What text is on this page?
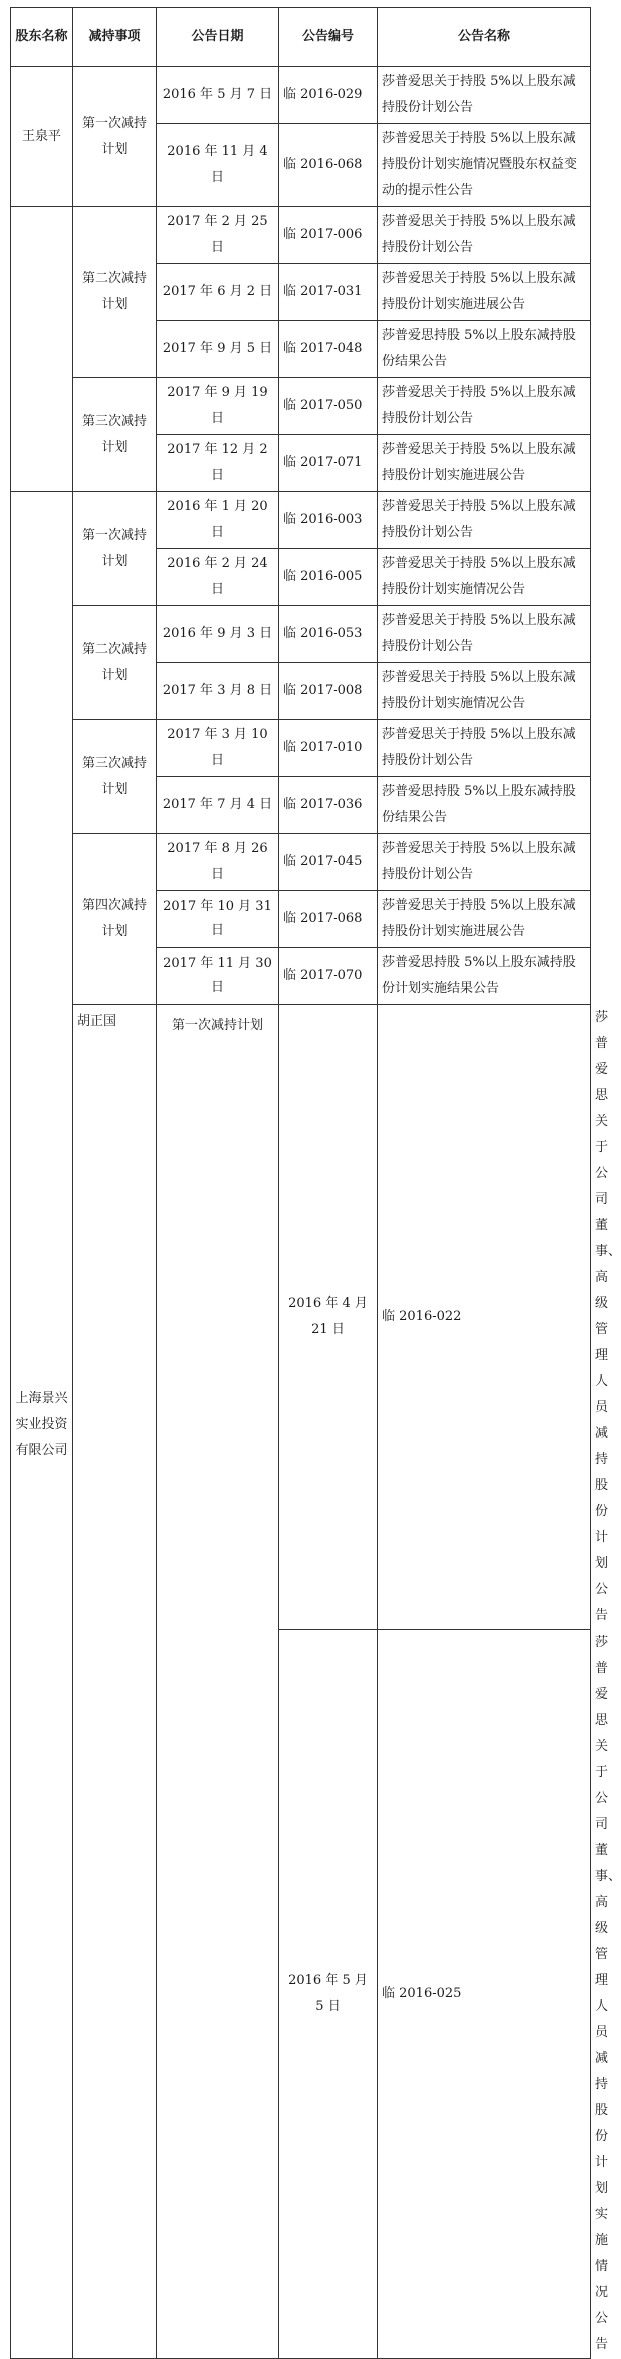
股东名称	减持事项	公告日期	公告编号	公告名称	
王泉平	第一次减持计划	2016 年 5 月 7 日	临 2016-029	莎普爱思关于持股 5%以上股东减持股份计划公告	
		2016 年 11 月 4 日	临 2016-068	莎普爱思关于持股 5%以上股东减持股份计划实施情况暨股东权益变动的提示性公告	
	第二次减持计划	2017 年 2 月 25 日	临 2017-006	莎普爱思关于持股 5%以上股东减持股份计划公告	
		2017 年 6 月 2 日	临 2017-031	莎普爱思关于持股 5%以上股东减持股份计划实施进展公告	
		2017 年 9 月 5 日	临 2017-048	莎普爱思持股 5%以上股东减持股份结果公告	
	第三次减持计划	2017 年 9 月 19 日	临 2017-050	莎普爱思关于持股 5%以上股东减持股份计划公告	
		2017 年 12 月 2 日	临 2017-071	莎普爱思关于持股 5%以上股东减持股份计划实施进展公告	
上海景兴实业投资有限公司	第一次减持计划	2016 年 1 月 20 日	临 2016-003	莎普爱思关于持股 5%以上股东减持股份计划公告	
		2016 年 2 月 24 日	临 2016-005	莎普爱思关于持股 5%以上股东减持股份计划实施情况公告	
	第二次减持计划	2016 年 9 月 3 日	临 2016-053	莎普爱思关于持股 5%以上股东减持股份计划公告	
		2017 年 3 月 8 日	临 2017-008	莎普爱思关于持股 5%以上股东减持股份计划实施情况公告	
	第三次减持计划	2017 年 3 月 10 日	临 2017-010	莎普爱思关于持股 5%以上股东减持股份计划公告	
		2017 年 7 月 4 日	临 2017-036	莎普爱思持股 5%以上股东减持股份结果公告	
	第四次减持计划	2017 年 8 月 26 日	临 2017-045	莎普爱思关于持股 5%以上股东减持股份计划公告	
		2017 年 10 月 31 日	临 2017-068	莎普爱思关于持股 5%以上股东减持股份计划实施进展公告	
		2017 年 11 月 30 日	临 2017-070	莎普爱思持股 5%以上股东减持股份计划实施结果公告	
	胡正国	第一次减持计划	2016 年 4 月 21 日	临 2016-022	莎普爱思关于公司董事、高级管理人员减持股份计划公告
			2016 年 5 月 5 日	临 2016-025	莎普爱思关于公司董事、高级管理人员减持股份计划实施情况公告
